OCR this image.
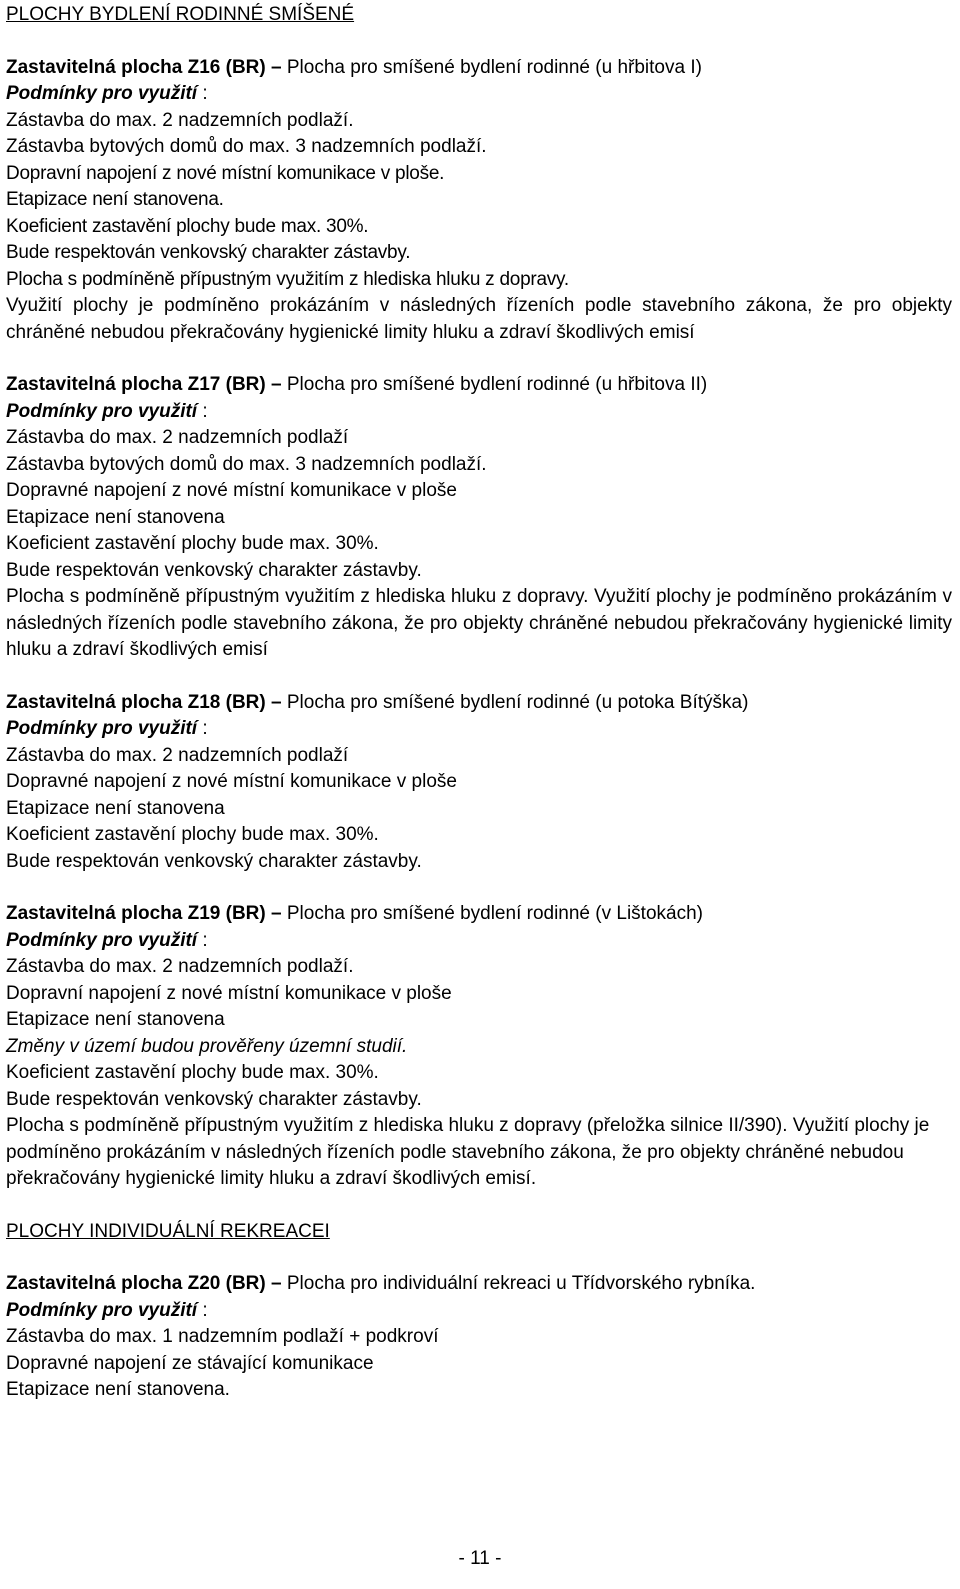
PLOCHY BYDLENÍ RODINNÉ SMÍŠENÉ
Zastavitelná plocha Z16 (BR) – Plocha pro smíšené bydlení rodinné (u hřbitova I)
Podmínky pro využití :
Zástavba do max. 2 nadzemních podlaží.
Zástavba bytových domů do max. 3 nadzemních podlaží.
Dopravní napojení z nové místní komunikace v ploše.
Etapizace není stanovena.
Koeficient zastavění plochy bude max. 30%.
Bude respektován venkovský charakter zástavby.
Plocha s podmíněně přípustným využitím z hlediska hluku z dopravy.
Využití plochy je podmíněno prokázáním v následných řízeních podle stavebního zákona, že pro objekty chráněné nebudou překračovány hygienické limity hluku a zdraví škodlivých emisí
Zastavitelná plocha Z17 (BR) – Plocha pro smíšené bydlení rodinné (u hřbitova II)
Podmínky pro využití :
Zástavba do max. 2 nadzemních podlaží
Zástavba bytových domů do max. 3 nadzemních podlaží.
Dopravné napojení z nové místní komunikace v ploše
Etapizace není stanovena
Koeficient zastavění plochy bude max. 30%.
Bude respektován venkovský charakter zástavby.
Plocha s podmíněně přípustným využitím z hlediska hluku z dopravy. Využití plochy je podmíněno prokázáním v následných řízeních podle stavebního zákona, že pro objekty chráněné nebudou překračovány hygienické limity hluku a zdraví škodlivých emisí
Zastavitelná plocha Z18 (BR) – Plocha pro smíšené bydlení rodinné (u potoka Bítýška)
Podmínky pro využití :
Zástavba do max. 2 nadzemních podlaží
Dopravné napojení z nové místní komunikace v ploše
Etapizace není stanovena
Koeficient zastavění plochy bude max. 30%.
Bude respektován venkovský charakter zástavby.
Zastavitelná plocha Z19 (BR) – Plocha pro smíšené bydlení rodinné (v Lištokách)
Podmínky pro využití :
Zástavba do max. 2 nadzemních podlaží.
Dopravní napojení z nové místní komunikace v ploše
Etapizace není stanovena
Změny v území budou prověřeny územní studií.
Koeficient zastavění plochy bude max. 30%.
Bude respektován venkovský charakter zástavby.
Plocha s podmíněně přípustným využitím z hlediska hluku z dopravy (přeložka silnice II/390). Využití plochy je podmíněno prokázáním v následných řízeních podle stavebního zákona, že pro objekty chráněné nebudou překračovány hygienické limity hluku a zdraví škodlivých emisí.
PLOCHY INDIVIDUÁLNÍ REKREACEI
Zastavitelná plocha Z20 (BR) – Plocha pro individuální rekreaci u Třídvorského rybníka.
Podmínky pro využití :
Zástavba do max. 1 nadzemním podlaží + podkroví
Dopravné napojení ze stávající komunikace
Etapizace není stanovena.
- 11 -
